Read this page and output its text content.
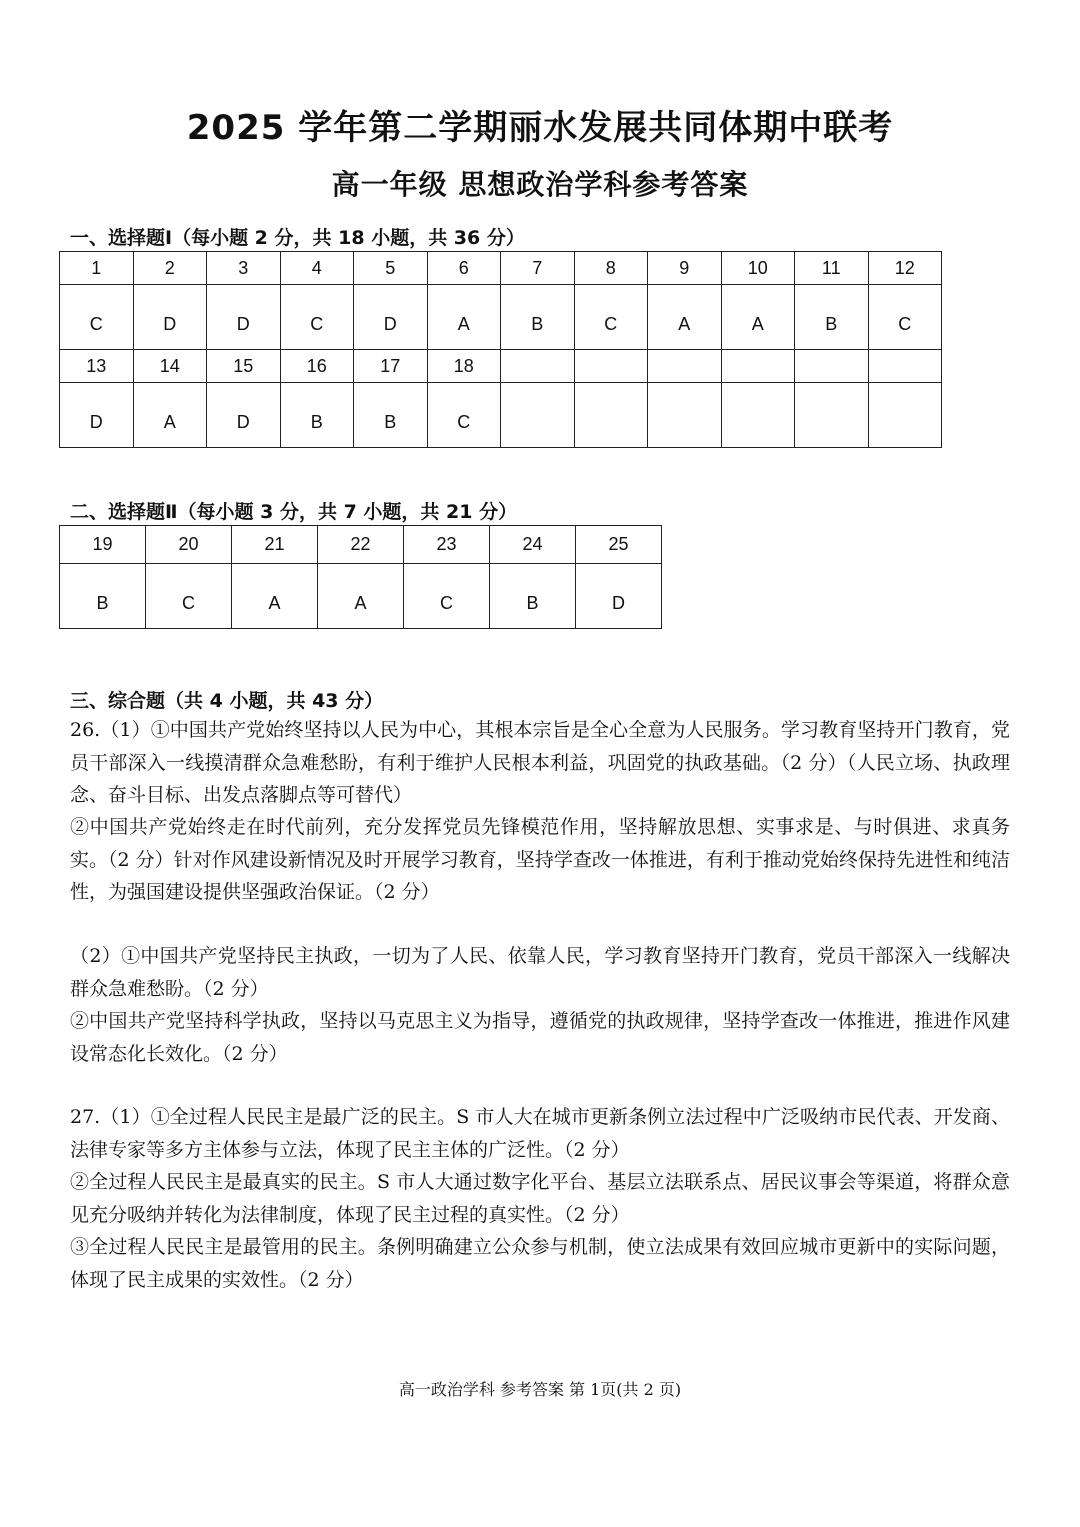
2025 学年第二学期丽水发展共同体期中联考
高一年级 思想政治学科参考答案
一、选择题Ⅰ（每小题 2 分，共 18 小题，共 36 分）
1	2	3	4	5	6	7	8	9	10	11	12
C	D	D	C	D	A	B	C	A	A	B	C
13	14	15	16	17	18						
D	A	D	B	B	C						
二、选择题Ⅱ（每小题 3 分，共 7 小题，共 21 分）
19	20	21	22	23	24	25
B	C	A	A	C	B	D
三、综合题（共 4 小题，共 43 分）
26.（1）①中国共产党始终坚持以人民为中心，其根本宗旨是全心全意为人民服务。学习教育坚持开门教育，党员干部深入一线摸清群众急难愁盼，有利于维护人民根本利益，巩固党的执政基础。（2 分）（人民立场、执政理念、奋斗目标、出发点落脚点等可替代）
②中国共产党始终走在时代前列，充分发挥党员先锋模范作用，坚持解放思想、实事求是、与时俱进、求真务实。（2 分）针对作风建设新情况及时开展学习教育，坚持学查改一体推进，有利于推动党始终保持先进性和纯洁性，为强国建设提供坚强政治保证。（2 分）
（2）①中国共产党坚持民主执政，一切为了人民、依靠人民，学习教育坚持开门教育，党员干部深入一线解决群众急难愁盼。（2 分）
②中国共产党坚持科学执政，坚持以马克思主义为指导，遵循党的执政规律，坚持学查改一体推进，推进作风建设常态化长效化。（2 分）
27.（1）①全过程人民民主是最广泛的民主。S 市人大在城市更新条例立法过程中广泛吸纳市民代表、开发商、法律专家等多方主体参与立法，体现了民主主体的广泛性。（2 分）
②全过程人民民主是最真实的民主。S 市人大通过数字化平台、基层立法联系点、居民议事会等渠道，将群众意见充分吸纳并转化为法律制度，体现了民主过程的真实性。（2 分）
③全过程人民民主是最管用的民主。条例明确建立公众参与机制，使立法成果有效回应城市更新中的实际问题，体现了民主成果的实效性。（2 分）
高一政治学科 参考答案 第 1页(共 2 页)
